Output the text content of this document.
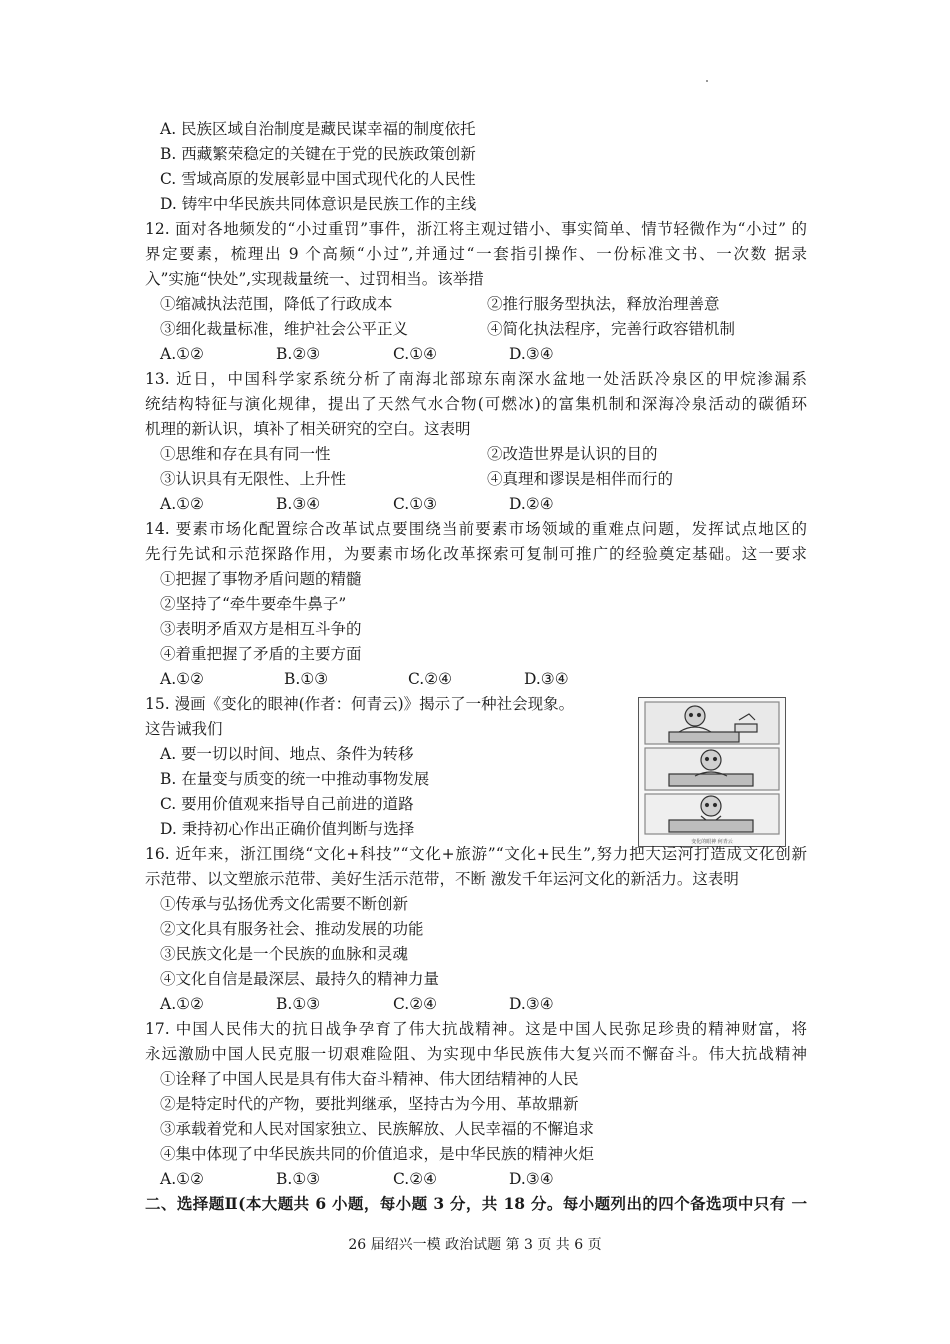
A. 民族区域自治制度是藏民谋幸福的制度依托
B. 西藏繁荣稳定的关键在于党的民族政策创新
C. 雪域高原的发展彰显中国式现代化的人民性
D. 铸牢中华民族共同体意识是民族工作的主线
12. 面对各地频发的“小过重罚”事件，浙江将主观过错小、事实简单、情节轻微作为“小过” 的
界定要素，梳理出 9 个高频“小过”,并通过“一套指引操作、一份标准文书、一次数 据录
入”实施“快处”,实现裁量统一、过罚相当。该举措
①缩减执法范围，降低了行政成本	②推行服务型执法，释放治理善意
③细化裁量标准，维护社会公平正义	④简化执法程序，完善行政容错机制
A.①②	B.②③	C.①④	D.③④
13. 近日，中国科学家系统分析了南海北部琼东南深水盆地一处活跃冷泉区的甲烷渗漏系
统结构特征与演化规律，提出了天然气水合物(可燃冰)的富集机制和深海冷泉活动的碳循环
机理的新认识，填补了相关研究的空白。这表明
①思维和存在具有同一性	②改造世界是认识的目的
③认识具有无限性、上升性	④真理和谬误是相伴而行的
A.①②	B.③④	C.①③	D.②④
14. 要素市场化配置综合改革试点要围绕当前要素市场领域的重难点问题，发挥试点地区的
先行先试和示范探路作用，为要素市场化改革探索可复制可推广的经验奠定基础。这一要求
①把握了事物矛盾问题的精髓
②坚持了“牵牛要牵牛鼻子”
③表明矛盾双方是相互斗争的
④着重把握了矛盾的主要方面
A.①②	B.①③	C.②④	D.③④
15. 漫画《变化的眼神(作者：何青云)》揭示了一种社会现象。
这告诫我们
A. 要一切以时间、地点、条件为转移
B. 在量变与质变的统一中推动事物发展
C. 要用价值观来指导自己前进的道路
D. 秉持初心作出正确价值判断与选择
变化的眼神 何青云
16. 近年来，浙江围绕“文化+科技”“文化+旅游”“文化+民生”,努力把大运河打造成文化创新
示范带、以文塑旅示范带、美好生活示范带，不断 激发千年运河文化的新活力。这表明
①传承与弘扬优秀文化需要不断创新
②文化具有服务社会、推动发展的功能
③民族文化是一个民族的血脉和灵魂
④文化自信是最深层、最持久的精神力量
A.①②	B.①③	C.②④	D.③④
17. 中国人民伟大的抗日战争孕育了伟大抗战精神。这是中国人民弥足珍贵的精神财富，将
永远激励中国人民克服一切艰难险阻、为实现中华民族伟大复兴而不懈奋斗。伟大抗战精神
①诠释了中国人民是具有伟大奋斗精神、伟大团结精神的人民
②是特定时代的产物，要批判继承，坚持古为今用、革故鼎新
③承载着党和人民对国家独立、民族解放、人民幸福的不懈追求
④集中体现了中华民族共同的价值追求，是中华民族的精神火炬
A.①②	B.①③	C.②④	D.③④
二、选择题Ⅱ(本大题共 6 小题，每小题 3 分，共 18 分。每小题列出的四个备选项中只有 一
26 届绍兴一模 政治试题 第 3 页 共 6 页
